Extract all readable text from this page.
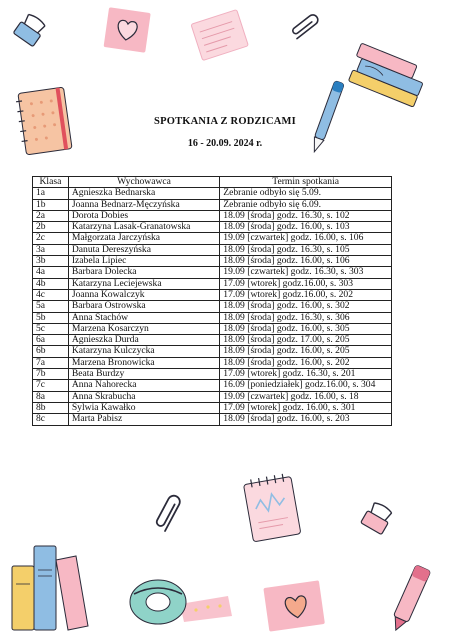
SPOTKANIA Z RODZICAMI
16 - 20.09. 2024 r.
Klasa	Wychowawca	Termin spotkania
1a	Agnieszka Bednarska	Zebranie odbyło się 5.09.
1b	Joanna Bednarz-Męczyńska	Zebranie odbyło się 6.09.
2a	Dorota Dobies	18.09 [środa] godz. 16.30, s. 102
2b	Katarzyna Lasak-Granatowska	18.09 [środa] godz. 16.00, s. 103
2c	Małgorzata Jarczyńska	19.09 [czwartek] godz. 16.00, s. 106
3a	Danuta Dereszyńska	18.09 [środa] godz. 16.30, s. 105
3b	Izabela Lipiec	18.09 [środa] godz. 16.00, s. 106
4a	Barbara Dolecka	19.09 [czwartek] godz. 16.30, s. 303
4b	Katarzyna Leciejewska	17.09 [wtorek] godz.16.00, s. 303
4c	Joanna Kowalczyk	17.09 [wtorek] godz.16.00, s. 202
5a	Barbara Ostrowska	18.09 [środa] godz. 16.00, s. 302
5b	Anna Stachów	18.09 [środa] godz. 16.30, s. 306
5c	Marzena Kosarczyn	18.09 [środa] godz. 16.00, s. 305
6a	Agnieszka Durda	18.09 [środa] godz. 17.00, s. 205
6b	Katarzyna Kulczycka	18.09 [środa] godz. 16.00, s. 205
7a	Marzena Bronowicka	18.09 [środa] godz. 16.00, s. 202
7b	Beata Burdzy	17.09 [wtorek] godz. 16.30, s. 201
7c	Anna Nahorecka	16.09 [poniedziałek] godz.16.00, s. 304
8a	Anna Skrabucha	19.09 [czwartek] godz. 16.00, s. 18
8b	Sylwia Kawałko	17.09 [wtorek] godz. 16.00, s. 301
8c	Marta Pabisz	18.09 [środa] godz. 16.00, s. 203
